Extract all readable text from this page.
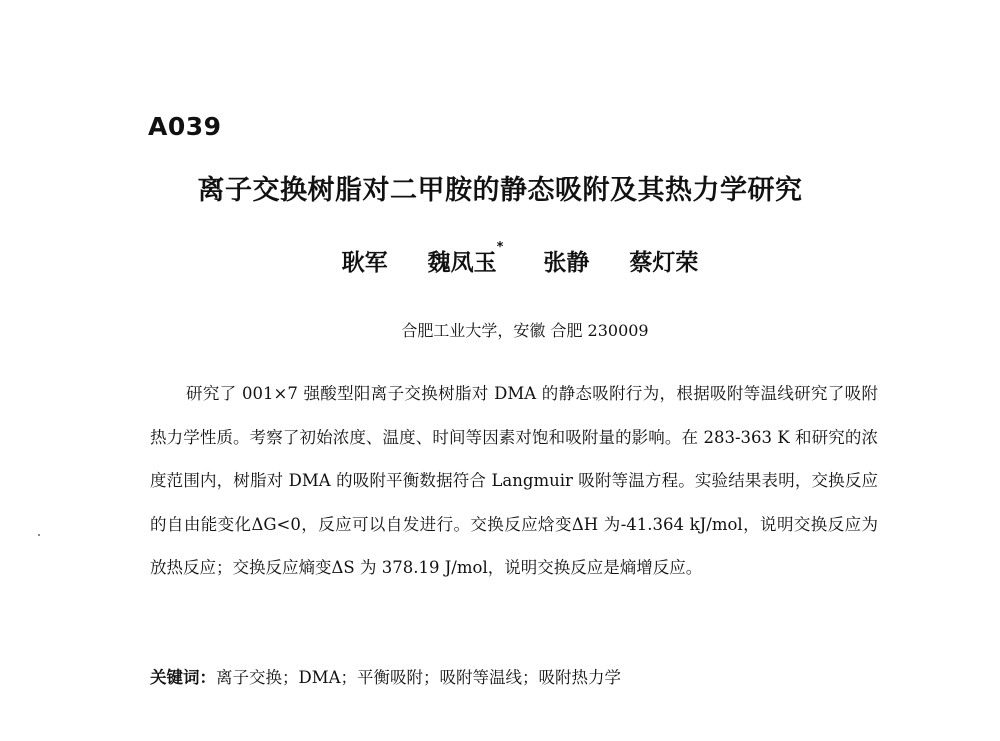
A039
离子交换树脂对二甲胺的静态吸附及其热力学研究
耿军 魏凤玉* 张静 蔡灯荣
合肥工业大学，安徽 合肥 230009

研究了 001×7 强酸型阳离子交换树脂对 DMA 的静态吸附行为，根据吸附等温线研究了吸附热力学性质。考察了初始浓度、温度、时间等因素对饱和吸附量的影响。在 283-363 K 和研究的浓度范围内，树脂对 DMA 的吸附平衡数据符合 Langmuir 吸附等温方程。实验结果表明，交换反应的自由能变化ΔG<0，反应可以自发进行。交换反应焓变ΔH 为-41.364 kJ/mol，说明交换反应为放热反应；交换反应熵变ΔS 为 378.19 J/mol，说明交换反应是熵增反应。

关键词：离子交换；DMA；平衡吸附；吸附等温线；吸附热力学
